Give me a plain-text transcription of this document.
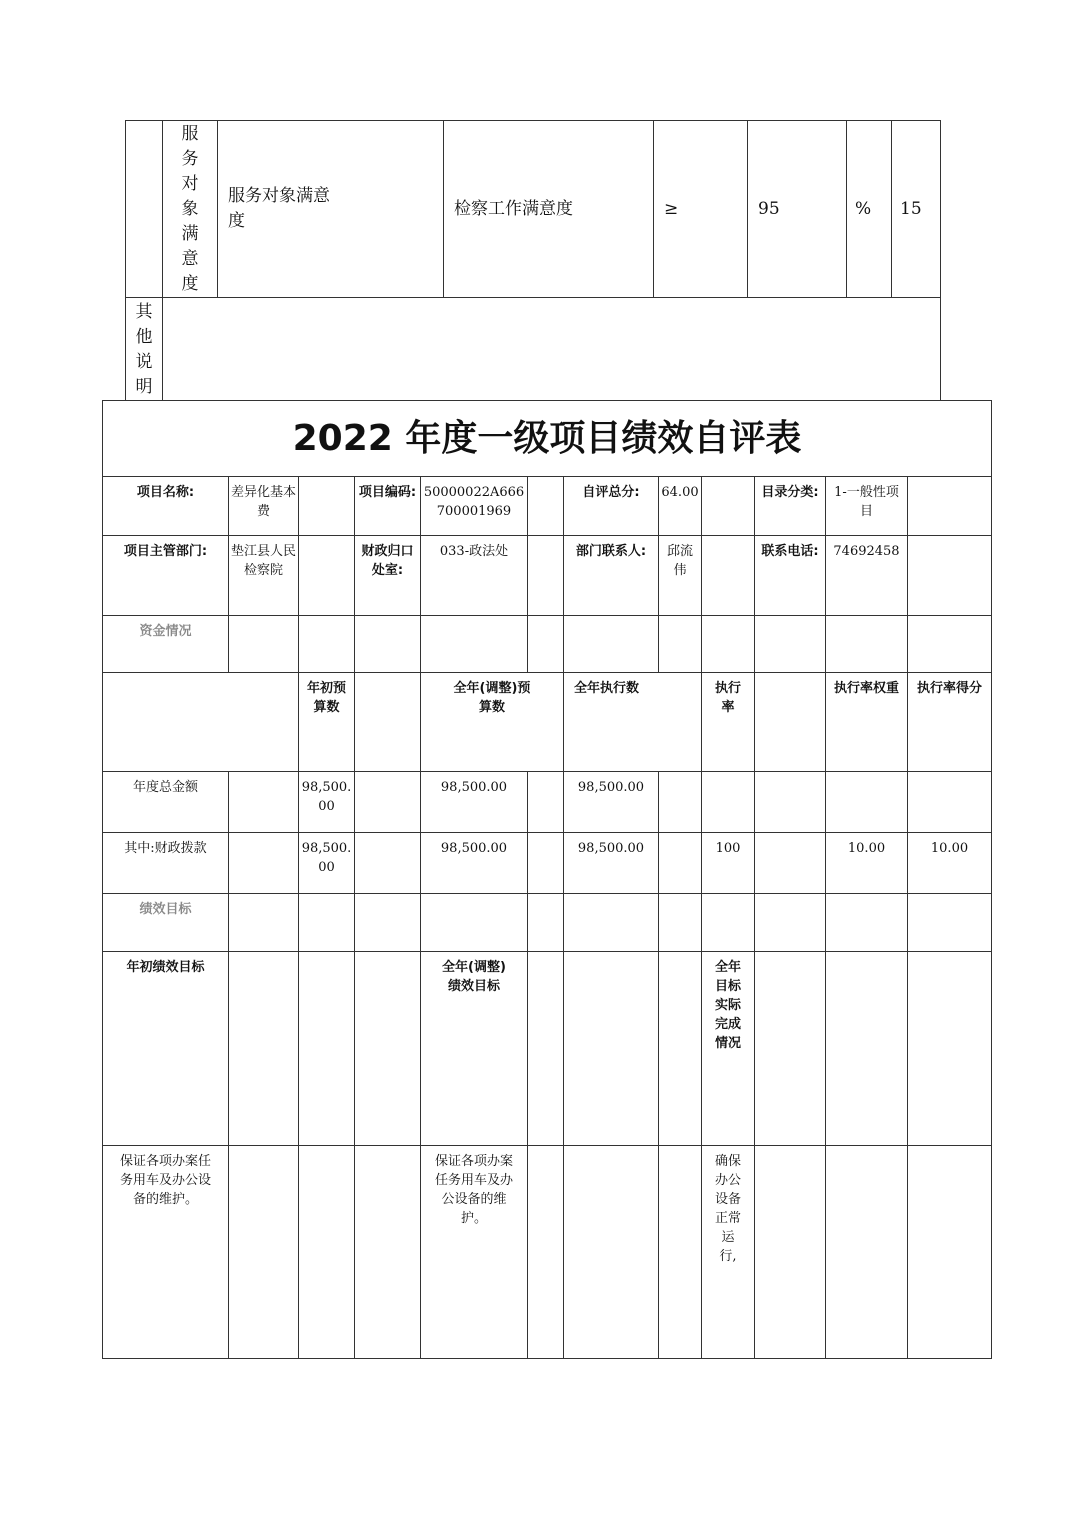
	服务对象满意度	服务对象满意度	检察工作满意度	≥	95	%	15

其他说明							

2022 年度一级项目绩效自评表											
项目名称:	差异化基本费		项目编码:	50000022A666700001969		自评总分:	64.00		目录分类:	1-一般性项目	
项目主管部门:	垫江县人民检察院		财政归口处室:	033-政法处		部门联系人:	邱流伟		联系电话:	74692458	
资金情况											

		年初预算数		全年(调整)预算数		全年执行数		执行率		执行率权重	执行率得分

年度总金额		98,500.00		98,500.00		98,500.00					
其中:财政拨款		98,500.00		98,500.00		98,500.00		100		10.00	10.00
绩效目标											
年初绩效目标				全年(调整)绩效目标				全年目标实际完成情况			

保证各项办案任务用车及办公设备的维护。				保证各项办案任务用车及办公设备的维护。				确保办公设备正常运行,			
